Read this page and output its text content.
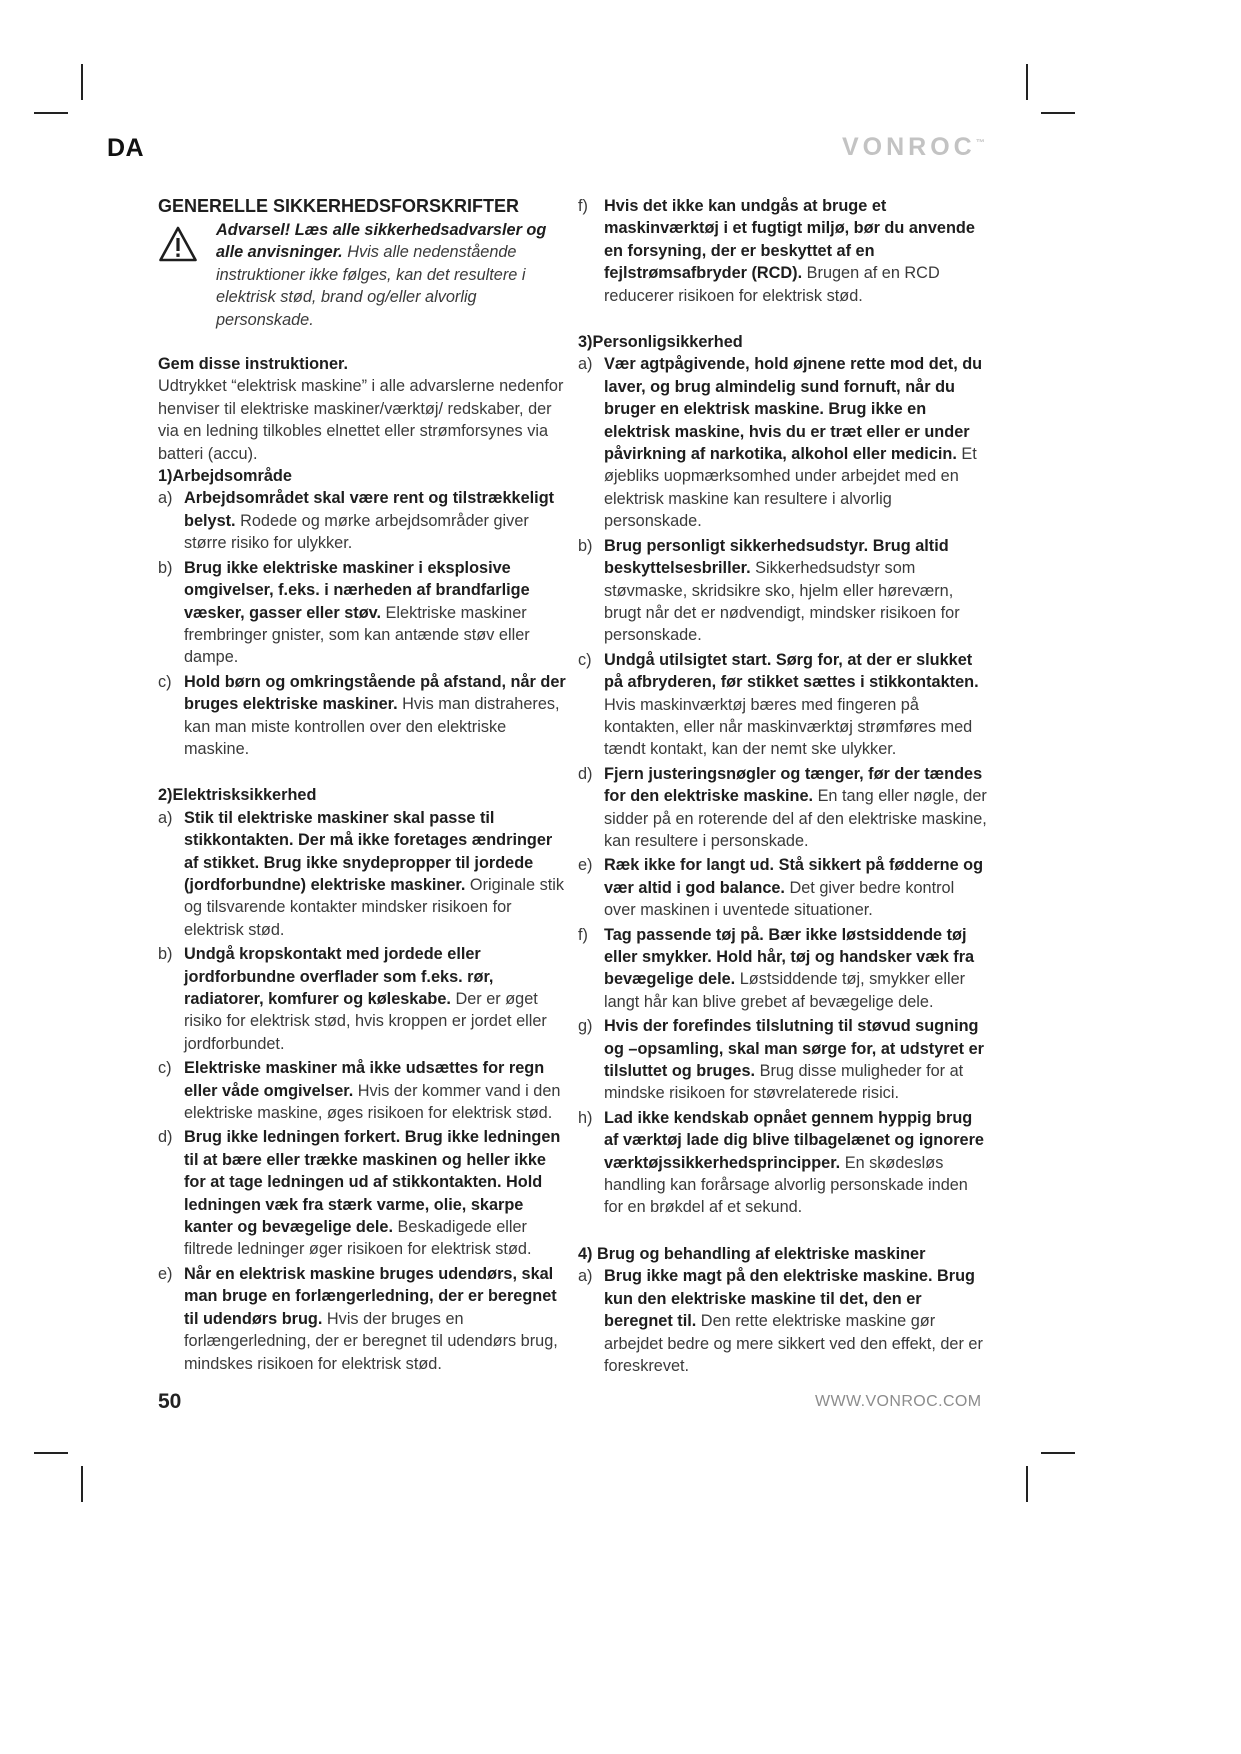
DA	VONROC™
GENERELLE SIKKERHEDSFORSKRIFTER
Advarsel! Læs alle sikkerhedsadvarsler og alle anvisninger. Hvis alle nedenstående instruktioner ikke følges, kan det resultere i elektrisk stød, brand og/eller alvorlig personskade.
Gem disse instruktioner.
Udtrykket “elektrisk maskine” i alle advarslerne nedenfor henviser til elektriske maskiner/værktøj/ redskaber, der via en ledning tilkobles elnettet eller strømforsynes via batteri (accu).
1)Arbejdsområde
a) Arbejdsområdet skal være rent og tilstrækkeligt belyst. Rodede og mørke arbejdsområder giver større risiko for ulykker.
b) Brug ikke elektriske maskiner i eksplosive omgivelser, f.eks. i nærheden af brandfarlige væsker, gasser eller støv. Elektriske maskiner frembringer gnister, som kan antænde støv eller dampe.
c) Hold børn og omkringstående på afstand, når der bruges elektriske maskiner. Hvis man distraheres, kan man miste kontrollen over den elektriske maskine.
2)Elektrisksikkerhed
a) Stik til elektriske maskiner skal passe til stikkontakten. Der må ikke foretages ændringer af stikket. Brug ikke snydepropper til jordede (jordforbundne) elektriske maskiner. Originale stik og tilsvarende kontakter mindsker risikoen for elektrisk stød.
b) Undgå kropskontakt med jordede eller jordforbundne overflader som f.eks. rør, radiatorer, komfurer og køleskabe. Der er øget risiko for elektrisk stød, hvis kroppen er jordet eller jordforbundet.
c) Elektriske maskiner må ikke udsættes for regn eller våde omgivelser. Hvis der kommer vand i den elektriske maskine, øges risikoen for elektrisk stød.
d) Brug ikke ledningen forkert. Brug ikke ledningen til at bære eller trække maskinen og heller ikke for at tage ledningen ud af stikkontakten. Hold ledningen væk fra stærk varme, olie, skarpe kanter og bevægelige dele. Beskadigede eller filtrede ledninger øger risikoen for elektrisk stød.
e) Når en elektrisk maskine bruges udendørs, skal man bruge en forlængerledning, der er beregnet til udendørs brug. Hvis der bruges en forlængerledning, der er beregnet til udendørs brug, mindskes risikoen for elektrisk stød.
f) Hvis det ikke kan undgås at bruge et maskinværktøj i et fugtigt miljø, bør du anvende en forsyning, der er beskyttet af en fejlstrømsafbryder (RCD). Brugen af en RCD reducerer risikoen for elektrisk stød.
3)Personligsikkerhed
a) Vær agtpågivende, hold øjnene rette mod det, du laver, og brug almindelig sund fornuft, når du bruger en elektrisk maskine. Brug ikke en elektrisk maskine, hvis du er træt eller er under påvirkning af narkotika, alkohol eller medicin. Et øjebliks uopmærksomhed under arbejdet med en elektrisk maskine kan resultere i alvorlig personskade.
b) Brug personligt sikkerhedsudstyr. Brug altid beskyttelsesbriller. Sikkerhedsudstyr som støvmaske, skridsikre sko, hjelm eller høreværn, brugt når det er nødvendigt, mindsker risikoen for personskade.
c) Undgå utilsigtet start. Sørg for, at der er slukket på afbryderen, før stikket sættes i stikkontakten. Hvis maskinværktøj bæres med fingeren på kontakten, eller når maskinværktøj strømføres med tændt kontakt, kan der nemt ske ulykker.
d) Fjern justeringsnøgler og tænger, før der tændes for den elektriske maskine. En tang eller nøgle, der sidder på en roterende del af den elektriske maskine, kan resultere i personskade.
e) Ræk ikke for langt ud. Stå sikkert på fødderne og vær altid i god balance. Det giver bedre kontrol over maskinen i uventede situationer.
f) Tag passende tøj på. Bær ikke løstsiddende tøj eller smykker. Hold hår, tøj og handsker væk fra bevægelige dele. Løstsiddende tøj, smykker eller langt hår kan blive grebet af bevægelige dele.
g) Hvis der forefindes tilslutning til støvud sugning og –opsamling, skal man sørge for, at udstyret er tilsluttet og bruges. Brug disse muligheder for at mindske risikoen for støvrelaterede risici.
h) Lad ikke kendskab opnået gennem hyppig brug af værktøj lade dig blive tilbagelænet og ignorere værktøjssikkerhedsprincipper. En skødesløs handling kan forårsage alvorlig personskade inden for en brøkdel af et sekund.
4) Brug og behandling af elektriske maskiner
a) Brug ikke magt på den elektriske maskine. Brug kun den elektriske maskine til det, den er beregnet til. Den rette elektriske maskine gør arbejdet bedre og mere sikkert ved den effekt, der er foreskrevet.
50	WWW.VONROC.COM
